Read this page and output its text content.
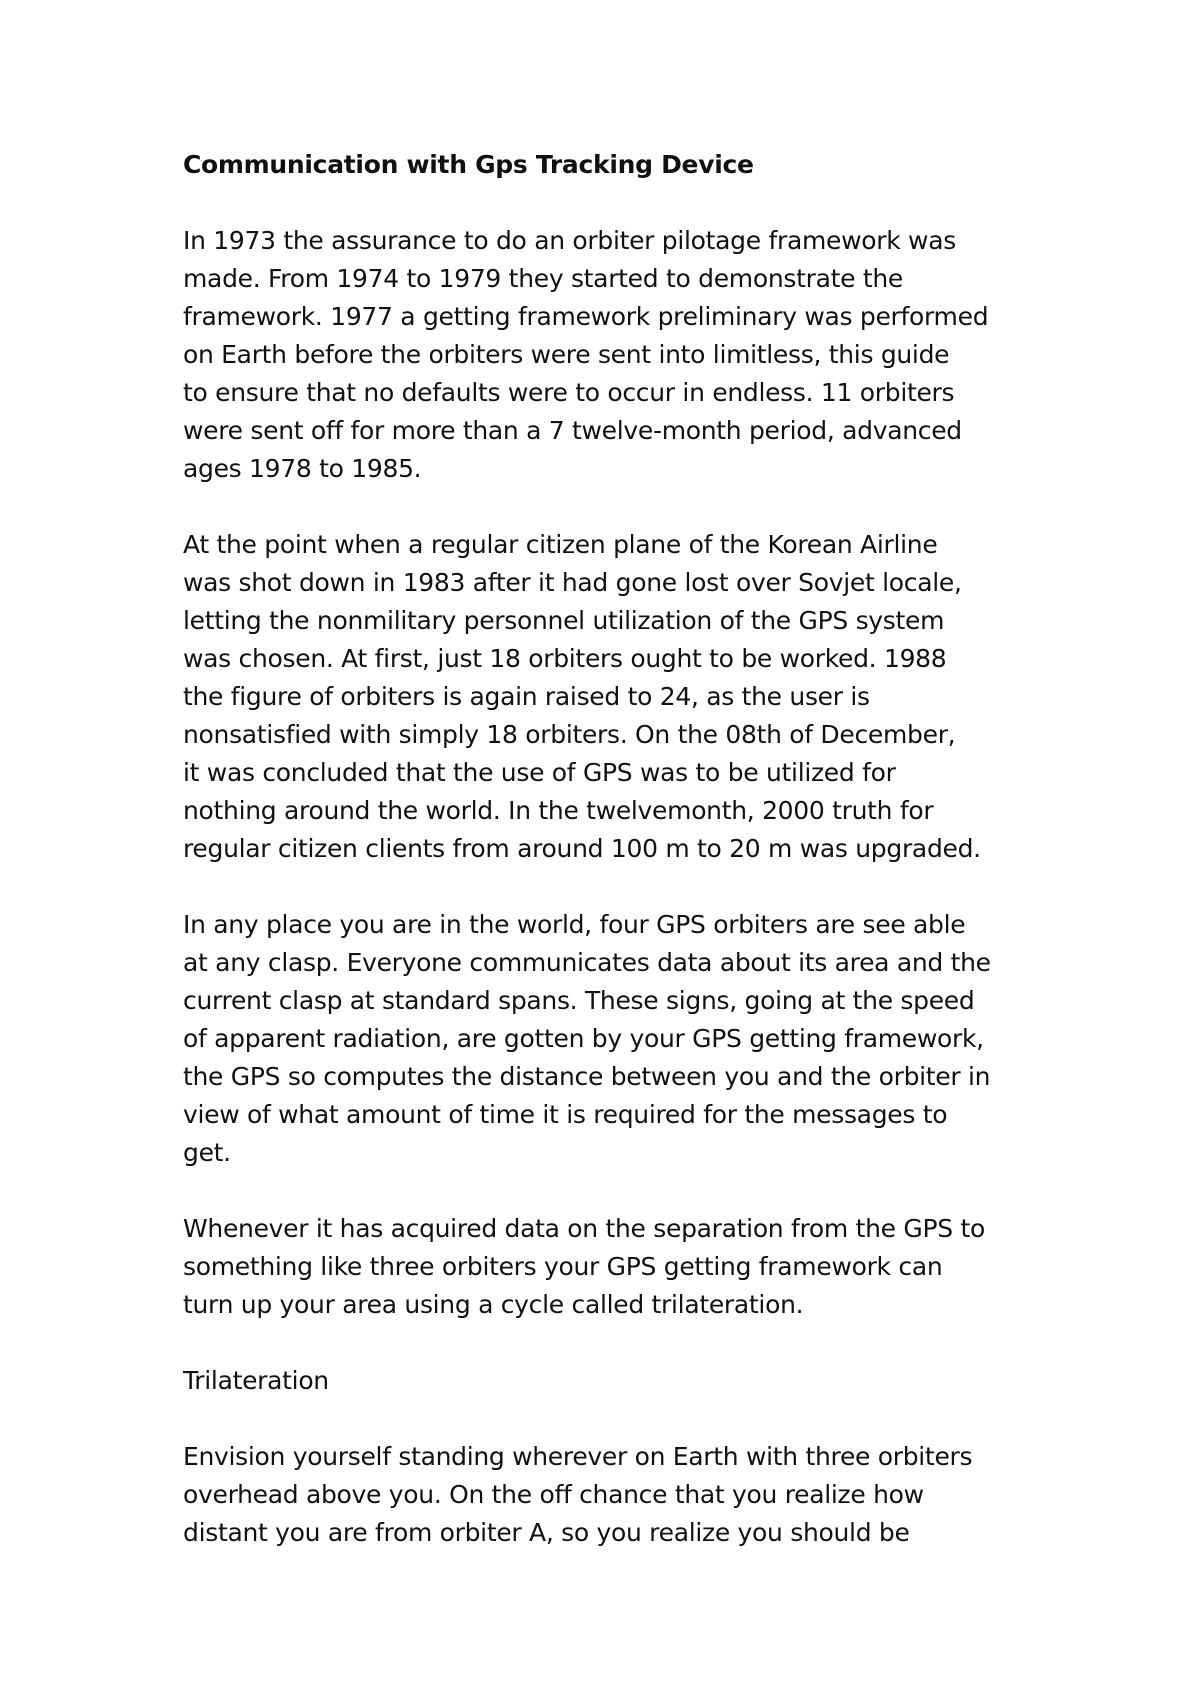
Communication with Gps Tracking Device
In 1973 the assurance to do an orbiter pilotage framework was
made. From 1974 to 1979 they started to demonstrate the
framework. 1977 a getting framework preliminary was performed
on Earth before the orbiters were sent into limitless, this guide
to ensure that no defaults were to occur in endless. 11 orbiters
were sent off for more than a 7 twelve-month period, advanced
ages 1978 to 1985.
At the point when a regular citizen plane of the Korean Airline
was shot down in 1983 after it had gone lost over Sovjet locale,
letting the nonmilitary personnel utilization of the GPS system
was chosen. At first, just 18 orbiters ought to be worked. 1988
the figure of orbiters is again raised to 24, as the user is
nonsatisfied with simply 18 orbiters. On the 08th of December,
it was concluded that the use of GPS was to be utilized for
nothing around the world. In the twelvemonth, 2000 truth for
regular citizen clients from around 100 m to 20 m was upgraded.
In any place you are in the world, four GPS orbiters are see able
at any clasp. Everyone communicates data about its area and the
current clasp at standard spans. These signs, going at the speed
of apparent radiation, are gotten by your GPS getting framework,
the GPS so computes the distance between you and the orbiter in
view of what amount of time it is required for the messages to
get.
Whenever it has acquired data on the separation from the GPS to
something like three orbiters your GPS getting framework can
turn up your area using a cycle called trilateration.
Trilateration
Envision yourself standing wherever on Earth with three orbiters
overhead above you. On the off chance that you realize how
distant you are from orbiter A, so you realize you should be
